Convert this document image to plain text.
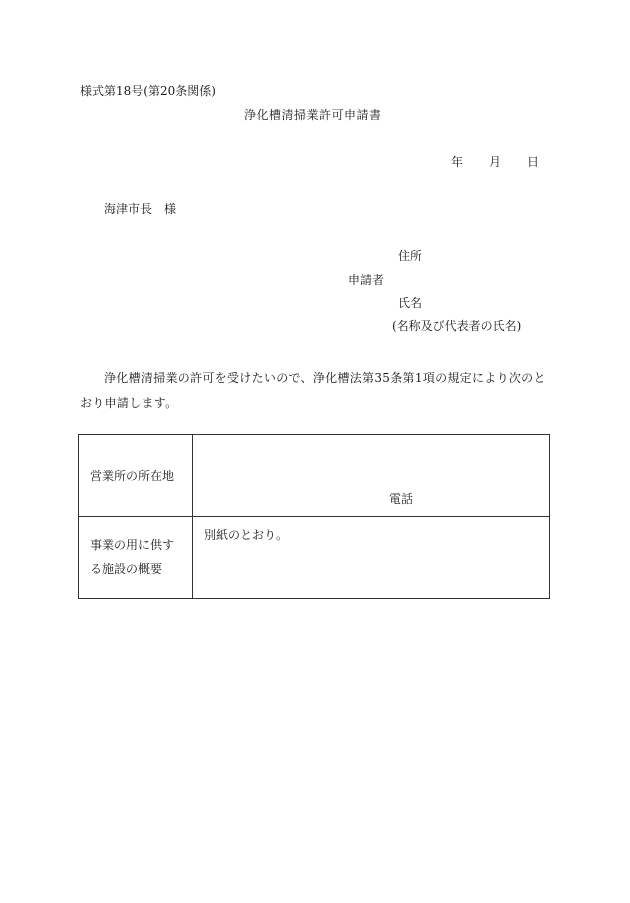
様式第18号(第20条関係)
浄化槽清掃業許可申請書
年 月 日
海津市長　様
住所
申請者
氏名
(名称及び代表者の氏名)
浄化槽清掃業の許可を受けたいので、浄化槽法第35条第1項の規定により次のと
おり申請します。
営業所の所在地	電話

事業の用に供す
る施設の概要	別紙のとおり。
